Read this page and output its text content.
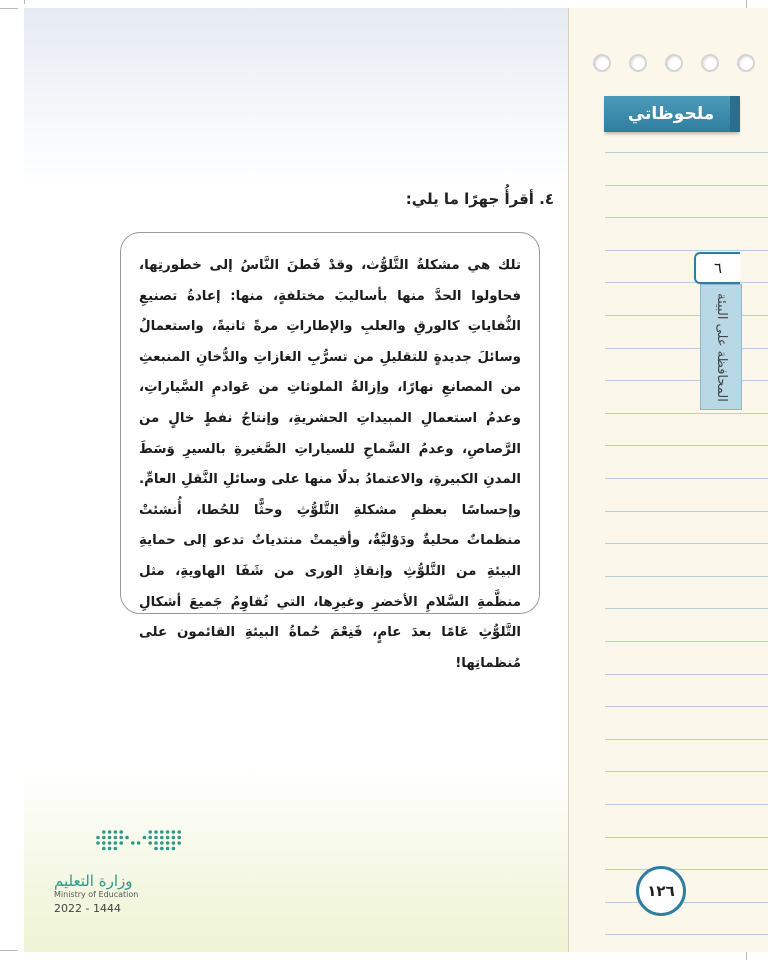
ملحوظاتي
٦
المحافظة على البيئة
٤. أقرأُ جهرًا ما يلي:
تلك هي مشكلةُ التَّلوُّث، وقدْ فَطنَ النَّاسُ إلى خطورتِها، فحاولوا الحدَّ منها بأساليبَ مختلفةٍ، منها: إعادةُ تصنيعِ النُّفاياتِ كالورقِ والعلبِ والإطاراتِ مرةً ثانيةً، واستعمالُ وسائلَ جديدةٍ للتقليلِ من تسرُّبِ الغازاتِ والدُّخانِ المنبعثِ من المصانعِ نهارًا، وإزالةُ الملوثاتِ من عَوادمِ السَّياراتِ، وعدمُ استعمالِ المبيداتِ الحشريةِ، وإنتاجُ نفطٍ خالٍ من الرَّصاصِ، وعدمُ السَّماحِ للسياراتِ الصَّغيرةِ بالسيرِ وَسَطَ المدنِ الكبيرةِ، والاعتمادُ بدلًا منها على وسائلِ النَّقلِ العامِّ. وإحساسًا بعظمِ مشكلةِ التَّلوُّثِ وحثًّا للحُطا، أُنشئتْ منظماتٌ محليةٌ ودَوْليَّةٌ، وأقيمتْ منتدياتٌ تدعو إلى حمايةِ البيئةِ من التَّلوُّثِ وإنقاذِ الورى من شَفَا الهاويةِ، مثل منظَّمةِ السَّلامِ الأخضرِ وغيرِها، التي تُقاوِمُ جَميعَ أشكالِ التَّلوُّثِ عَامًا بعدَ عامٍ، فَنِعْمَ حُماةُ البيئةِ القائمون على مُنظماتِها!
وزارة التعليم
Ministry of Education
2022 - 1444
١٢٦
